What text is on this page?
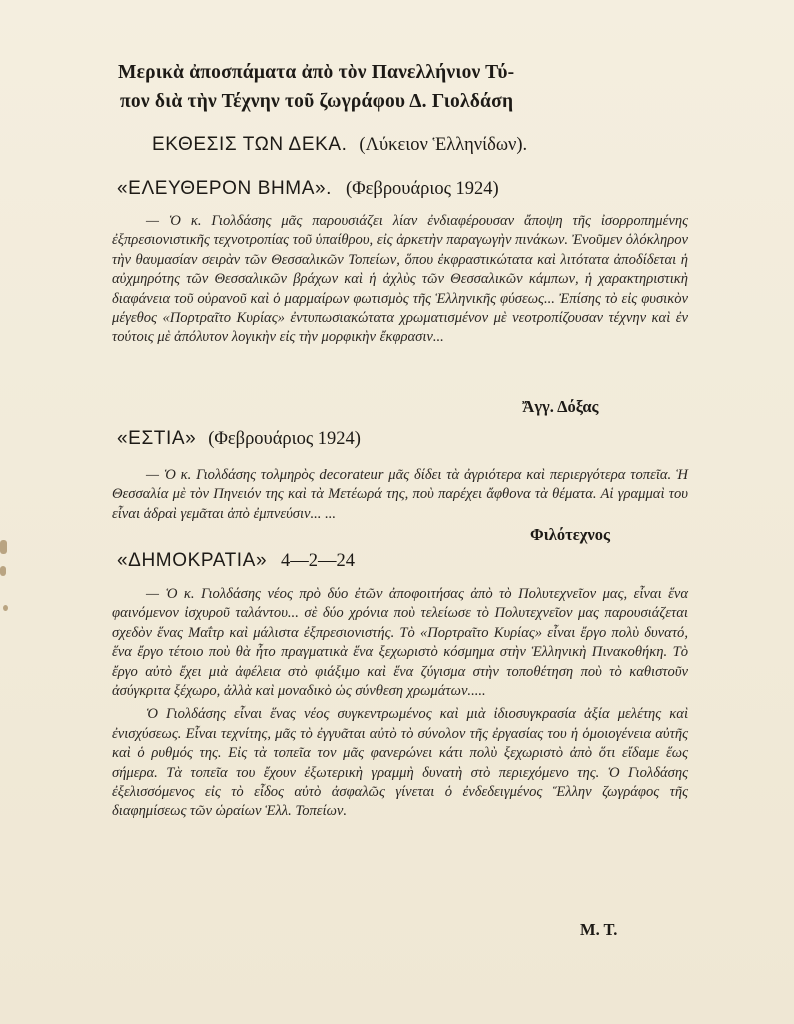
Μερικὰ ἀποσπάματα ἀπὸ τὸν Πανελλήνιον Τύ-
πον διὰ τὴν Τέχνην τοῦ ζωγράφου Δ. Γιολδάση
ΕΚΘΕΣΙΣ ΤΩΝ ΔΕΚΑ. (Λύκειον Ἑλληνίδων).
«ΕΛΕΥΘΕΡΟΝ ΒΗΜΑ». (Φεβρουάριος 1924)

— Ὁ κ. Γιολδάσης μᾶς παρουσιάζει λίαν ἐνδιαφέρουσαν ἄποψη τῆς ἰσορροπημένης ἐξπρεσιονιστικῆς τεχνοτροπίας τοῦ ὑπαίθρου, εἰς ἀρκετὴν παραγωγὴν πινάκων. Ἐνοῦμεν ὁλόκληρον τὴν θαυμασίαν σειρὰν τῶν Θεσσαλικῶν Τοπείων, ὅπου ἐκφραστικώτατα καὶ λιτότατα ἀποδίδεται ἡ αὐχμηρότης τῶν Θεσσαλικῶν βράχων καὶ ἡ ἀχλὺς τῶν Θεσσαλικῶν κάμπων, ἡ χαρακτηριστικὴ διαφάνεια τοῦ οὐρανοῦ καὶ ὁ μαρμαίρων φωτισμὸς τῆς Ἑλληνικῆς φύσεως... Ἐπίσης τὸ εἰς φυσικὸν μέγεθος «Πορτραῖτο Κυρίας» ἐντυπωσιακώτατα χρωματισμένον μὲ νεοτροπίζουσαν τέχνην καὶ ἐν τούτοις μὲ ἀπόλυτον λογικὴν εἰς τὴν μορφικὴν ἔκφρασιν...

Ἄγγ. Δόξας
«ΕΣΤΙΑ» (Φεβρουάριος 1924)

— Ὁ κ. Γιολδάσης τολμηρὸς decorateur μᾶς δίδει τὰ ἀγριότερα καὶ περιεργότερα τοπεῖα. Ἡ Θεσσαλία μὲ τὸν Πηνειόν της καὶ τὰ Μετέωρά της, ποὺ παρέχει ἄφθονα τὰ θέματα. Αἱ γραμμαὶ του εἶναι ἁδραὶ γεμᾶται ἀπὸ ἐμπνεύσιν... ...

Φιλότεχνος
«ΔΗΜΟΚΡΑΤΙΑ» 4—2—24

— Ὁ κ. Γιολδάσης νέος πρὸ δύο ἐτῶν ἀποφοιτήσας ἀπὸ τὸ Πολυτεχνεῖον μας, εἶναι ἕνα φαινόμενον ἰσχυροῦ ταλάντου... σὲ δύο χρόνια ποὺ τελείωσε τὸ Πολυτεχνεῖον μας παρουσιάζεται σχεδὸν ἕνας Μαΐτρ καὶ μάλιστα ἐξπρεσιονιστής. Τὸ «Πορτραῖτο Κυρίας» εἶναι ἔργο πολὺ δυνατό, ἕνα ἔργο τέτοιο ποὺ θὰ ἦτο πραγματικὰ ἕνα ξεχωριστὸ κόσμημα στὴν Ἑλληνικὴ Πινακοθήκη. Τὸ ἔργο αὐτὸ ἔχει μιὰ ἀφέλεια στὸ φιάξιμο καὶ ἕνα ζύγισμα στὴν τοποθέτηση ποὺ τὸ καθιστοῦν ἀσύγκριτα ξέχωρο, ἀλλὰ καὶ μοναδικὸ ὡς σύνθεση χρωμάτων.....

Ὁ Γιολδάσης εἶναι ἕνας νέος συγκεντρωμένος καὶ μιὰ ἰδιοσυγκρασία ἀξία μελέτης καὶ ἐνισχύσεως. Εἶναι τεχνίτης, μᾶς τὸ ἐγγυᾶται αὐτὸ τὸ σύνολον τῆς ἐργασίας του ἡ ὁμοιογένεια αὐτῆς καὶ ὁ ρυθμός της. Εἰς τὰ τοπεῖα τον μᾶς φανερώνει κάτι πολὺ ξεχωριστὸ ἀπὸ ὅτι εἴδαμε ἕως σήμερα. Τὰ τοπεῖα του ἔχουν ἐξωτερικὴ γραμμὴ δυνατὴ στὸ περιεχόμενο της. Ὁ Γιολδάσης ἐξελισσόμενος εἰς τὸ εἶδος αὐτὸ ἀσφαλῶς γίνεται ὁ ἐνδεδειγμένος Ἕλλην ζωγράφος τῆς διαφημίσεως τῶν ὡραίων Ἑλλ. Τοπείων.

Μ. Τ.
